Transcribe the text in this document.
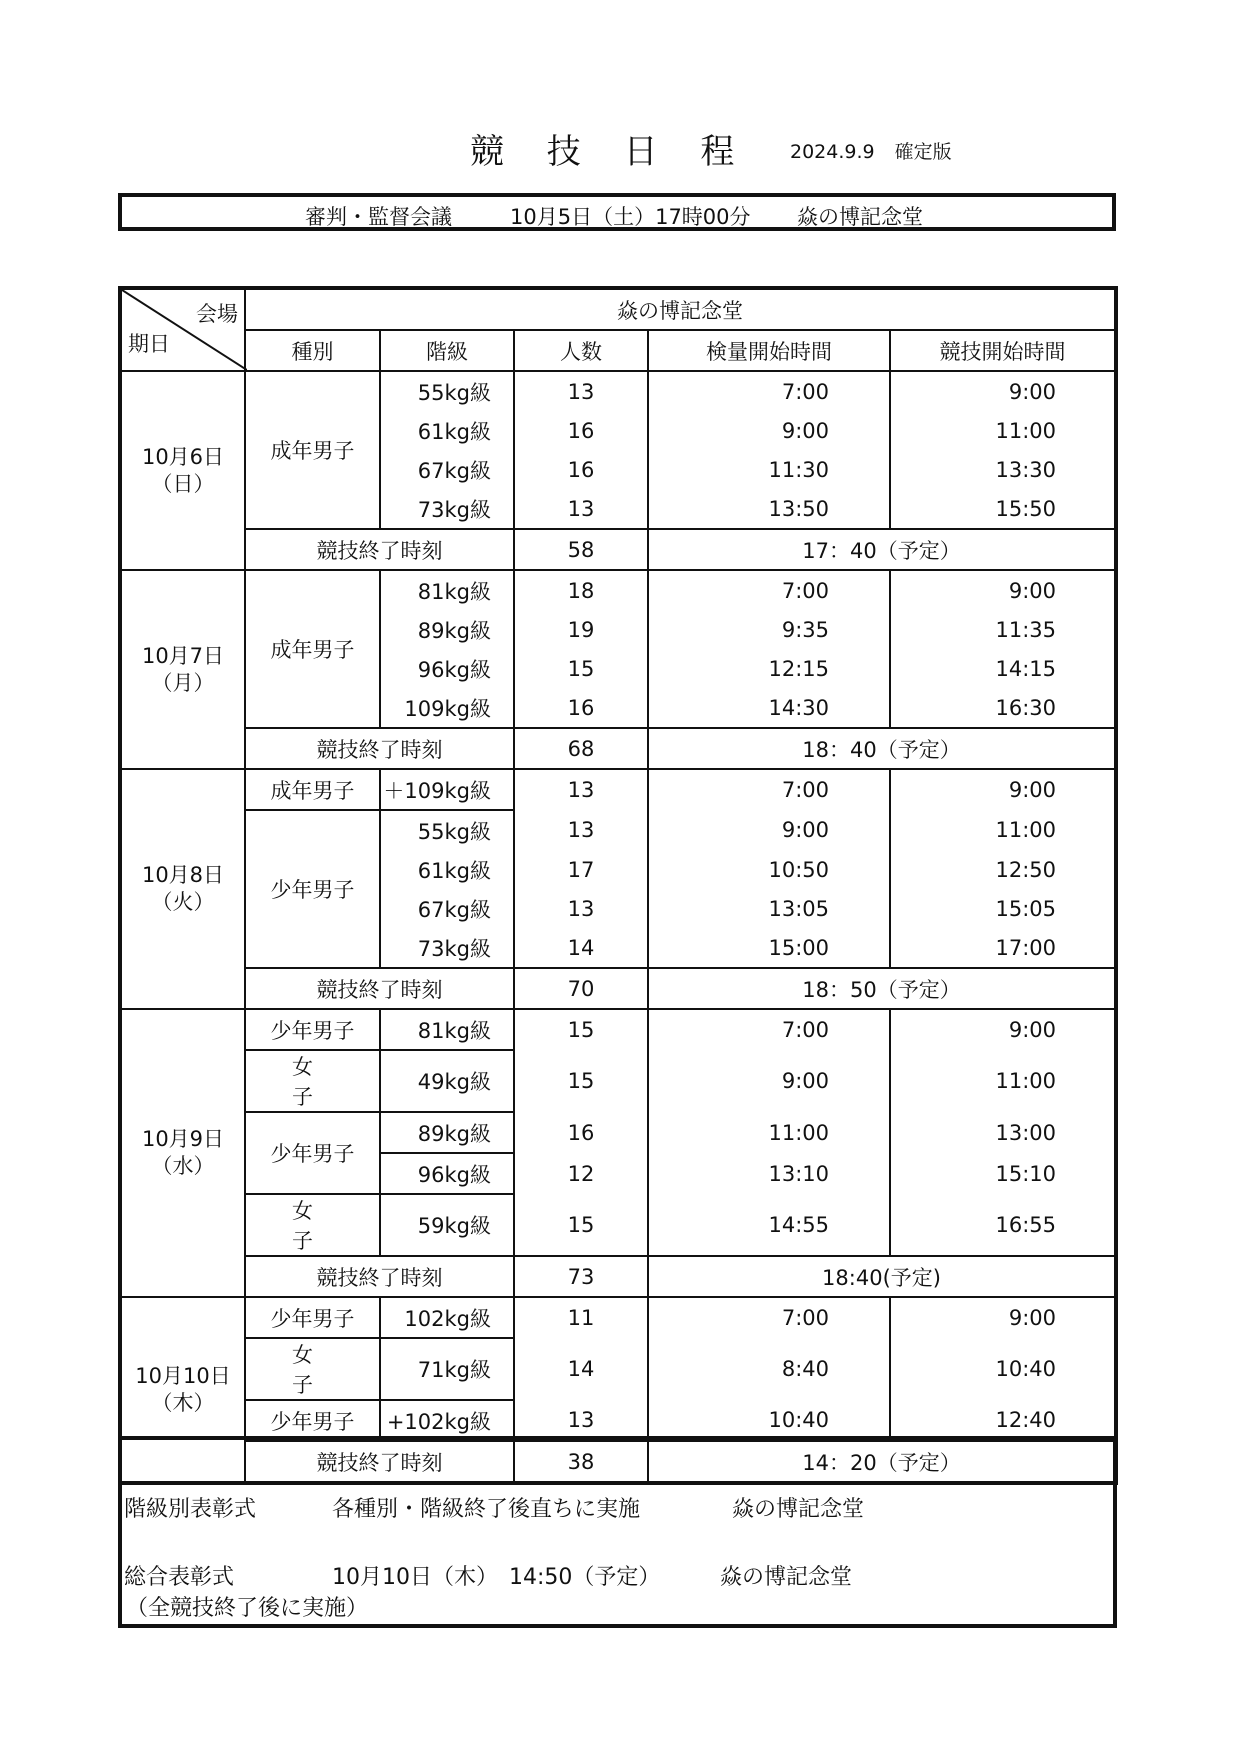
競 技 日 程 2024.9.9 確定版
審判・監督会議	10月5日（土）17時00分 焱の博記念堂
会場
期日	焱の博記念堂				
	種別	階級	人数	検量開始時間	競技開始時間
10月6日
（日）	成年男子	55kg級	13	7:00	9:00
		61kg級	16	9:00	11:00
		67kg級	16	11:30	13:30
		73kg級	13	13:50	15:50
	競技終了時刻		58	17：40（予定）	
10月7日
（月）	成年男子	81kg級	18	7:00	9:00
		89kg級	19	9:35	11:35
		96kg級	15	12:15	14:15
		109kg級	16	14:30	16:30
	競技終了時刻		68	18：40（予定）	
10月8日
（火）	成年男子	＋109kg級	13	7:00	9:00
	少年男子	55kg級	13	9:00	11:00
		61kg級	17	10:50	12:50
		67kg級	13	13:05	15:05
		73kg級	14	15:00	17:00
	競技終了時刻		70	18：50（予定）	
10月9日
（水）	少年男子	81kg級	15	7:00	9:00
	女子	49kg級	15	9:00	11:00
	少年男子	89kg級	16	11:00	13:00
		96kg級	12	13:10	15:10
	女子	59kg級	15	14:55	16:55
	競技終了時刻		73	18:40(予定)	
10月10日
（木）	少年男子	102kg級	11	7:00	9:00
	女子	71kg級	14	8:40	10:40
	少年男子	+102kg級	13	10:40	12:40
	競技終了時刻		38	14：20（予定）	
階級別表彰式	各種別・階級終了後直ちに実施	焱の博記念堂
総合表彰式	10月10日（木）　14:50（予定）	焱の博記念堂
（全競技終了後に実施）
